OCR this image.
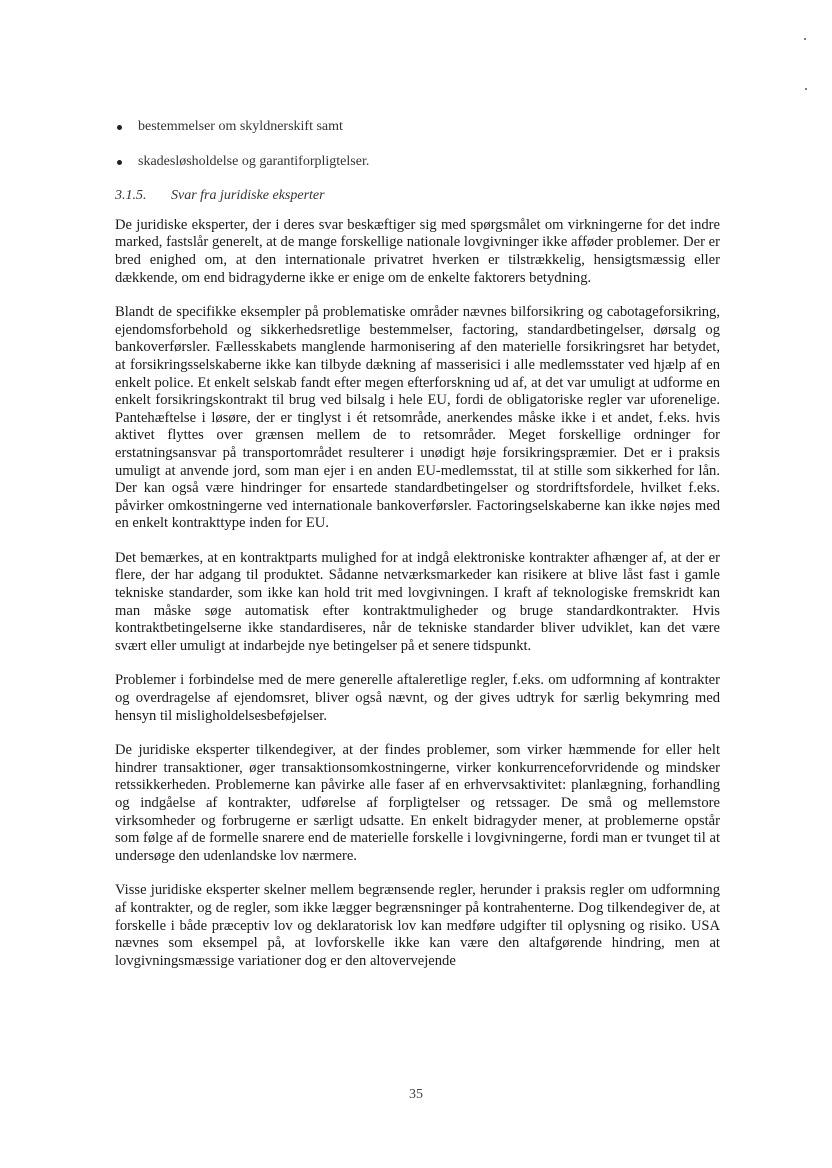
bestemmelser om skyldnerskift samt
skadesløsholdelse og garantiforpligtelser.
3.1.5. Svar fra juridiske eksperter

De juridiske eksperter, der i deres svar beskæftiger sig med spørgsmålet om virkningerne for det indre marked, fastslår generelt, at de mange forskellige nationale lovgivninger ikke afføder problemer. Der er bred enighed om, at den internationale privatret hverken er tilstrækkelig, hensigtsmæssig eller dækkende, om end bidragyderne ikke er enige om de enkelte faktorers betydning.

Blandt de specifikke eksempler på problematiske områder nævnes bilforsikring og cabotageforsikring, ejendomsforbehold og sikkerhedsretlige bestemmelser, factoring, standardbetingelser, dørsalg og bankoverførsler. Fællesskabets manglende harmonisering af den materielle forsikringsret har betydet, at forsikringsselskaberne ikke kan tilbyde dækning af masserisici i alle medlemsstater ved hjælp af en enkelt police. Et enkelt selskab fandt efter megen efterforskning ud af, at det var umuligt at udforme en enkelt forsikringskontrakt til brug ved bilsalg i hele EU, fordi de obligatoriske regler var uforenelige. Pantehæftelse i løsøre, der er tinglyst i ét retsområde, anerkendes måske ikke i et andet, f.eks. hvis aktivet flyttes over grænsen mellem de to retsområder. Meget forskellige ordninger for erstatningsansvar på transportområdet resulterer i unødigt høje forsikringspræmier. Det er i praksis umuligt at anvende jord, som man ejer i en anden EU-medlemsstat, til at stille som sikkerhed for lån. Der kan også være hindringer for ensartede standardbetingelser og stordriftsfordele, hvilket f.eks. påvirker omkostningerne ved internationale bankoverførsler. Factoringselskaberne kan ikke nøjes med en enkelt kontrakttype inden for EU.

Det bemærkes, at en kontraktparts mulighed for at indgå elektroniske kontrakter afhænger af, at der er flere, der har adgang til produktet. Sådanne netværksmarkeder kan risikere at blive låst fast i gamle tekniske standarder, som ikke kan hold trit med lovgivningen. I kraft af teknologiske fremskridt kan man måske søge automatisk efter kontraktmuligheder og bruge standardkontrakter. Hvis kontraktbetingelserne ikke standardiseres, når de tekniske standarder bliver udviklet, kan det være svært eller umuligt at indarbejde nye betingelser på et senere tidspunkt.

Problemer i forbindelse med de mere generelle aftaleretlige regler, f.eks. om udformning af kontrakter og overdragelse af ejendomsret, bliver også nævnt, og der gives udtryk for særlig bekymring med hensyn til misligholdelsesbeføjelser.

De juridiske eksperter tilkendegiver, at der findes problemer, som virker hæmmende for eller helt hindrer transaktioner, øger transaktionsomkostningerne, virker konkurrenceforvridende og mindsker retssikkerheden. Problemerne kan påvirke alle faser af en erhvervsaktivitet: planlægning, forhandling og indgåelse af kontrakter, udførelse af forpligtelser og retssager. De små og mellemstore virksomheder og forbrugerne er særligt udsatte. En enkelt bidragyder mener, at problemerne opstår som følge af de formelle snarere end de materielle forskelle i lovgivningerne, fordi man er tvunget til at undersøge den udenlandske lov nærmere.

Visse juridiske eksperter skelner mellem begrænsende regler, herunder i praksis regler om udformning af kontrakter, og de regler, som ikke lægger begrænsninger på kontrahenterne. Dog tilkendegiver de, at forskelle i både præceptiv lov og deklaratorisk lov kan medføre udgifter til oplysning og risiko. USA nævnes som eksempel på, at lovforskelle ikke kan være den altafgørende hindring, men at lovgivningsmæssige variationer dog er den altovervejende

35
